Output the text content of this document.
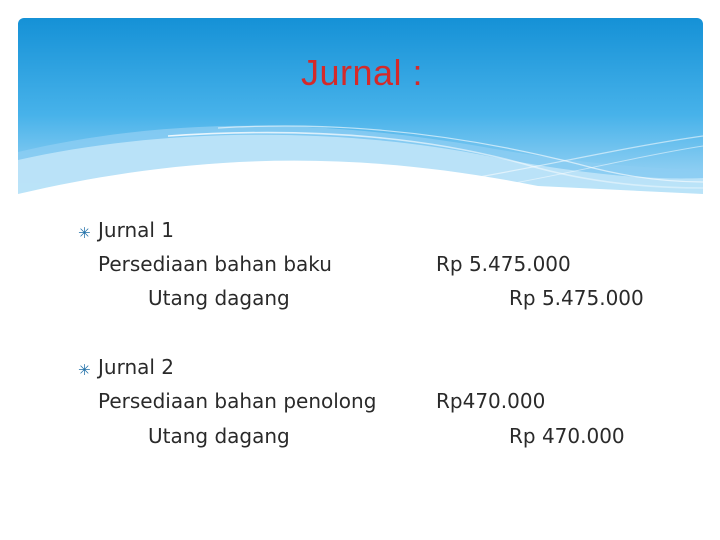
Jurnal :
✳ Jurnal 1
Persediaan bahan baku	Rp 5.475.000
Utang dagang	Rp 5.475.000
✳ Jurnal 2
Persediaan bahan penolong	Rp470.000
Utang dagang	Rp 470.000
